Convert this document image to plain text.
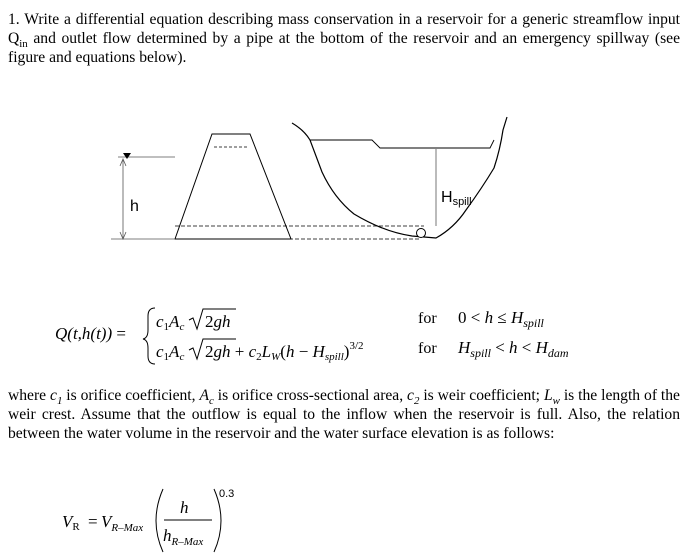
1. Write a differential equation describing mass conservation in a reservoir for a generic streamflow input $Q_{in}$ and outlet flow determined by a pipe at the bottom of the reservoir and an emergency spillway (see figure and equations below).

h
Hspill
Q(t,h(t)) =
c1Ac 2gh
c1Ac 2gh + c2LW(h − Hspill)$^{3/2}$
for $0 < h \le H_{spill}$
for $H_{spill} < h < H_{dam}$
VR = $V_{R-Max}$
h
$h_{R-Max}$
0.3

where $c_1$ is orifice coefficient, $A_c$ is orifice cross-sectional area, $c_2$ is weir coefficient; $L_w$ is the length of the weir crest. Assume that the outflow is equal to the inflow when the reservoir is full. Also, the relation between the water volume in the reservoir and the water surface elevation is as follows:
